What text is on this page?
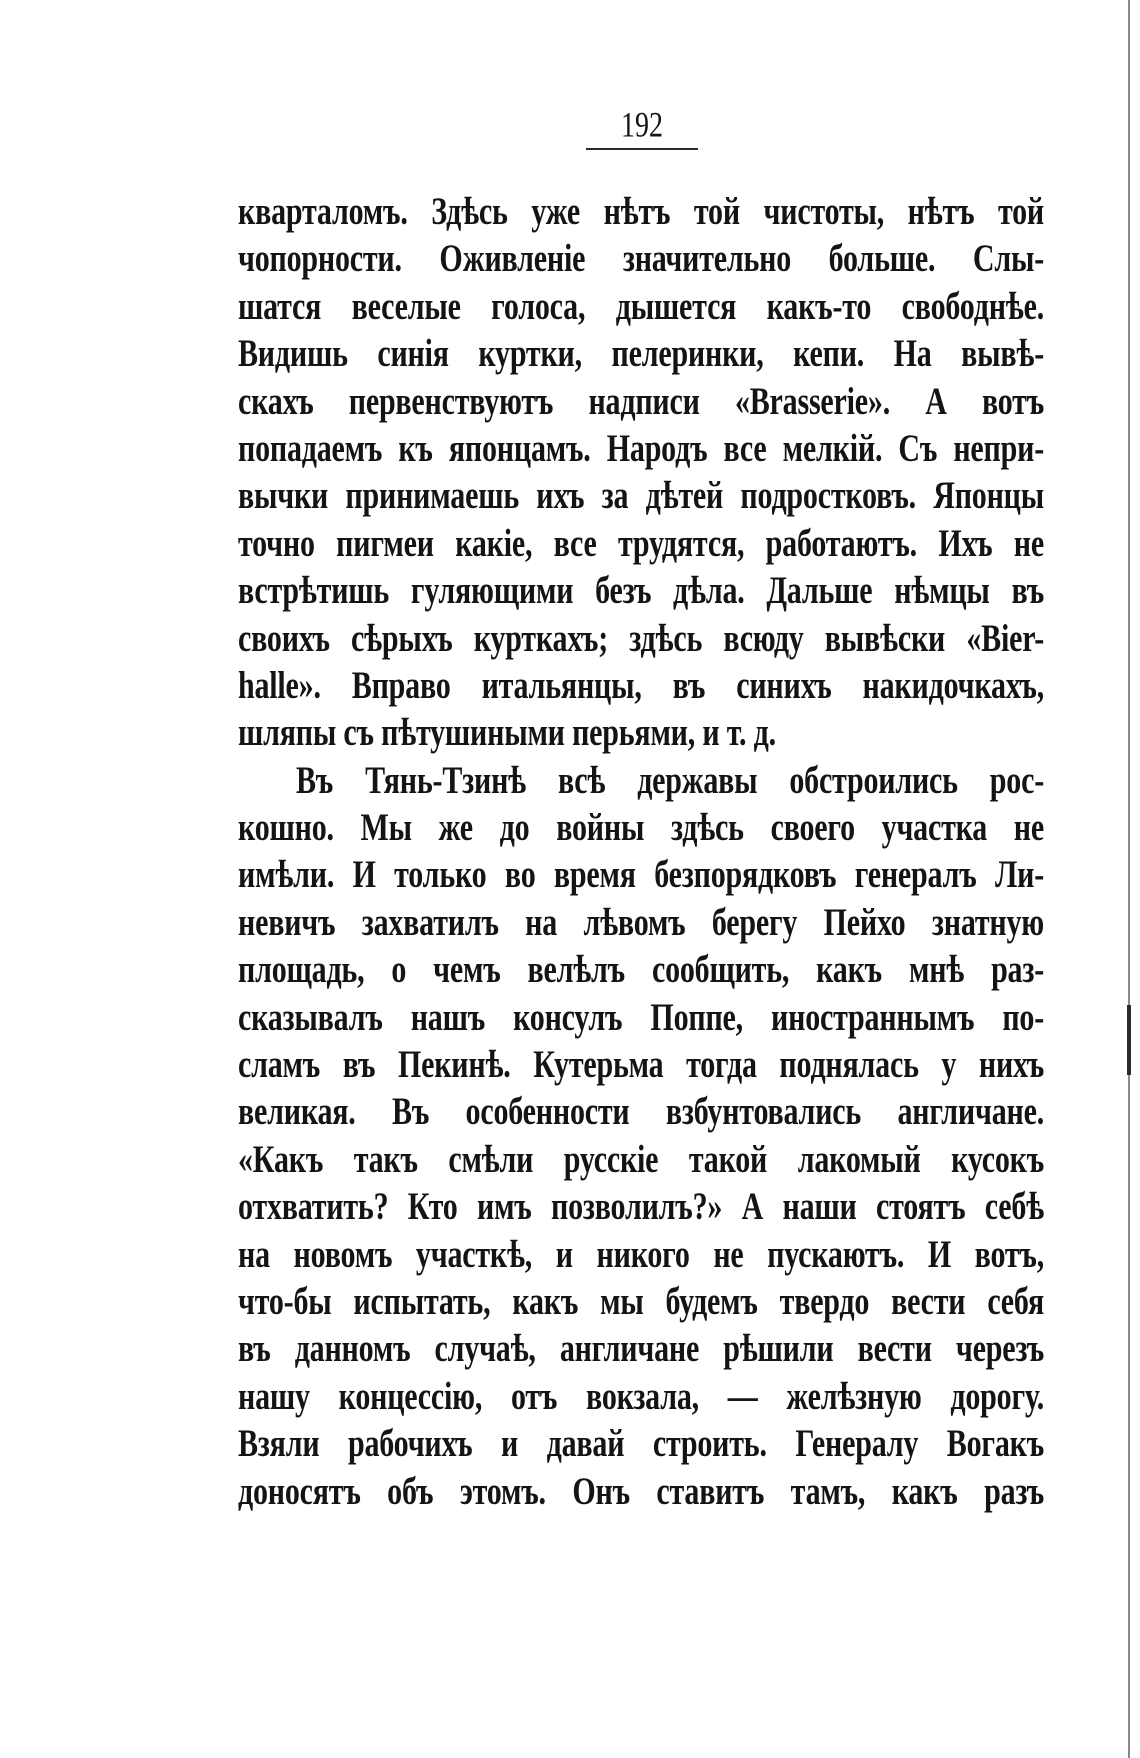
192
кварталомъ. Здѣсь уже нѣтъ той чистоты, нѣтъ той
чопорности. Оживленіе значительно больше. Слы-
шатся веселые голоса, дышется какъ-то свободнѣе.
Видишь синія куртки, пелеринки, кепи. На вывѣ-
скахъ первенствуютъ надписи «Brasserie». А вотъ
попадаемъ къ японцамъ. Народъ все мелкій. Съ непри-
вычки принимаешь ихъ за дѣтей подростковъ. Японцы
точно пигмеи какіе, все трудятся, работаютъ. Ихъ не
встрѣтишь гуляющими безъ дѣла. Дальше нѣмцы въ
своихъ сѣрыхъ курткахъ; здѣсь всюду вывѣски «Bier-
halle». Вправо итальянцы, въ синихъ накидочкахъ,
шляпы съ пѣтушиными перьями, и т. д.
Въ Тянь-Тзинѣ всѣ державы обстроились рос-
кошно. Мы же до войны здѣсь своего участка не
имѣли. И только во время безпорядковъ генералъ Ли-
невичъ захватилъ на лѣвомъ берегу Пейхо знатную
площадь, о чемъ велѣлъ сообщить, какъ мнѣ раз-
сказывалъ нашъ консулъ Поппе, иностраннымъ по-
сламъ въ Пекинѣ. Кутерьма тогда поднялась у нихъ
великая. Въ особенности взбунтовались англичане.
«Какъ такъ смѣли русскіе такой лакомый кусокъ
отхватить? Кто имъ позволилъ?» А наши стоятъ себѣ
на новомъ участкѣ, и никого не пускаютъ. И вотъ,
что-бы испытать, какъ мы будемъ твердо вести себя
въ данномъ случаѣ, англичане рѣшили вести черезъ
нашу концессію, отъ вокзала, — желѣзную дорогу.
Взяли рабочихъ и давай строить. Генералу Вогакъ
доносятъ объ этомъ. Онъ ставитъ тамъ, какъ разъ
